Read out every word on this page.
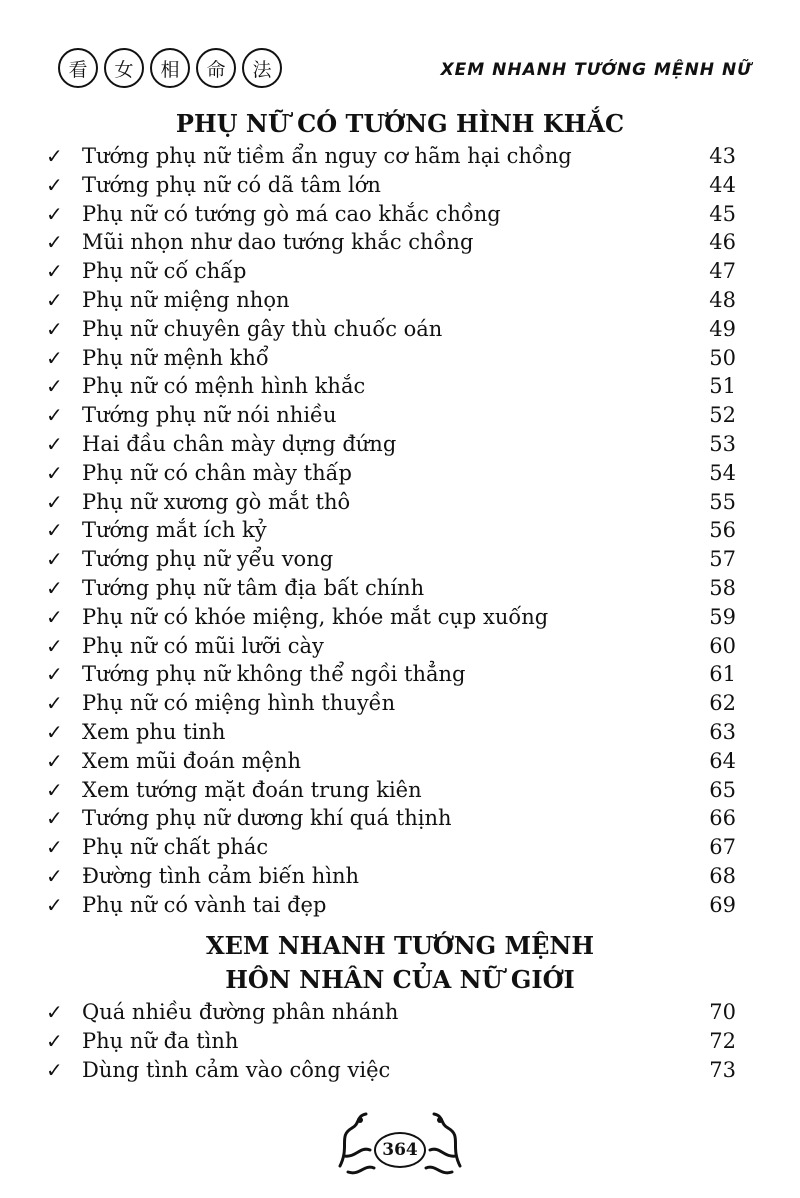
看	女	相	命	法	XEM NHANH TƯỚNG MỆNH NỮ
PHỤ NỮ CÓ TƯỚNG HÌNH KHẮC
✓ Tướng phụ nữ tiềm ẩn nguy cơ hãm hại chồng	43
✓ Tướng phụ nữ có dã tâm lớn	44
✓ Phụ nữ có tướng gò má cao khắc chồng	45
✓ Mũi nhọn như dao tướng khắc chồng	46
✓ Phụ nữ cố chấp	47
✓ Phụ nữ miệng nhọn	48
✓ Phụ nữ chuyên gây thù chuốc oán	49
✓ Phụ nữ mệnh khổ	50
✓ Phụ nữ có mệnh hình khắc	51
✓ Tướng phụ nữ nói nhiều	52
✓ Hai đầu chân mày dựng đứng	53
✓ Phụ nữ có chân mày thấp	54
✓ Phụ nữ xương gò mắt thô	55
✓ Tướng mắt ích kỷ	56
✓ Tướng phụ nữ yểu vong	57
✓ Tướng phụ nữ tâm địa bất chính	58
✓ Phụ nữ có khóe miệng, khóe mắt cụp xuống	59
✓ Phụ nữ có mũi lưỡi cày	60
✓ Tướng phụ nữ không thể ngồi thẳng	61
✓ Phụ nữ có miệng hình thuyền	62
✓ Xem phu tinh	63
✓ Xem mũi đoán mệnh	64
✓ Xem tướng mặt đoán trung kiên	65
✓ Tướng phụ nữ dương khí quá thịnh	66
✓ Phụ nữ chất phác	67
✓ Đường tình cảm biến hình	68
✓ Phụ nữ có vành tai đẹp	69
XEM NHANH TƯỚNG MỆNH
HÔN NHÂN CỦA NỮ GIỚI
✓ Quá nhiều đường phân nhánh	70
✓ Phụ nữ đa tình	72
✓ Dùng tình cảm vào công việc	73
364
